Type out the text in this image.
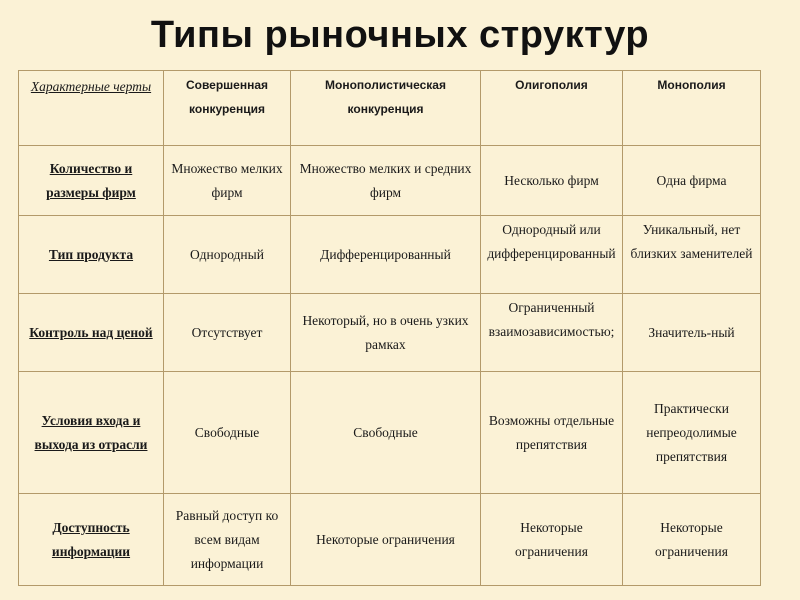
Типы рыночных структур
Характерные черты	Совершенная конкуренция	Монополистическая конкуренция	Олигополия	Монополия
Количество и размеры фирм	Множество мелких фирм	Множество мелких и средних фирм	Несколько фирм	Одна фирма
Тип продукта	Однородный	Дифференцированный	Однородный или дифференцированный	Уникальный, нет близких заменителей
Контроль над ценой	Отсутствует	Некоторый, но в очень узких рамках	Ограниченный взаимозависимостью;	Значитель-ный
Условия входа и выхода из отрасли	Свободные	Свободные	Возможны отдельные препятствия	Практически непреодолимые препятствия
Доступность информации	Равный доступ ко всем видам информации	Некоторые ограничения	Некоторые ограничения	Некоторые ограничения
